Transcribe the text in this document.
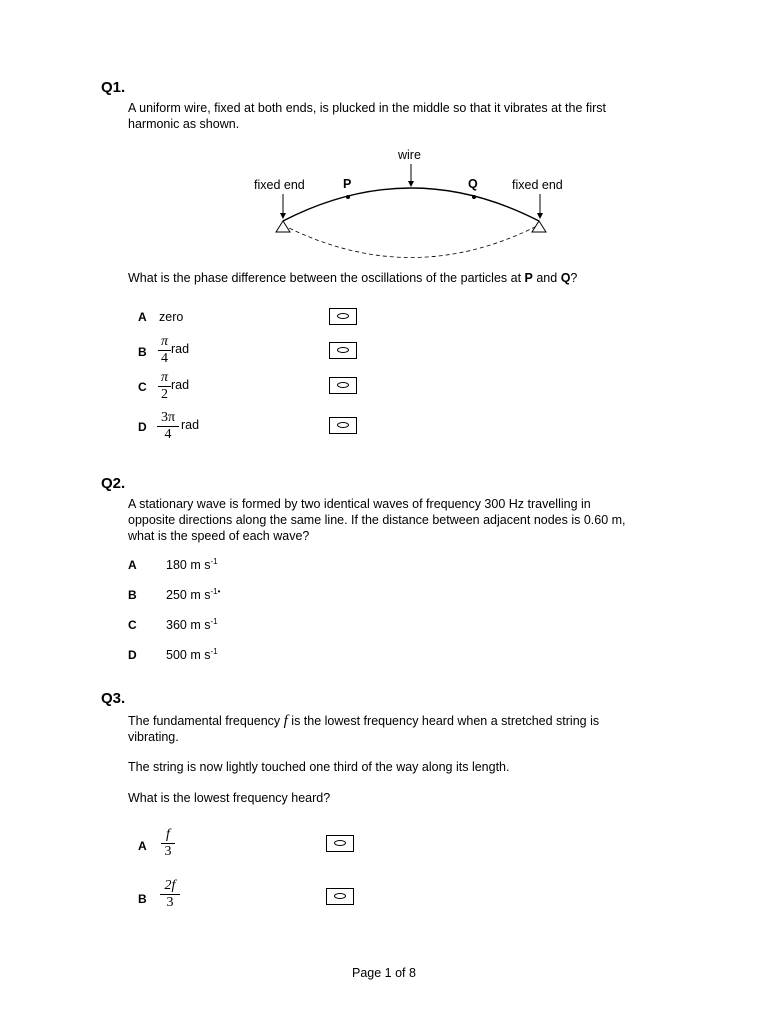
Q1.
A uniform wire, fixed at both ends, is plucked in the middle so that it vibrates at the first
harmonic as shown.
wire
fixed end	fixed end
P	Q
What is the phase difference between the oscillations of the particles at P and Q?
A zero
B
π
4
rad
C
π
2
rad
D
3π
4
rad
Q2.
A stationary wave is formed by two identical waves of frequency 300 Hz travelling in
opposite directions along the same line. If the distance between adjacent nodes is 0.60 m,
what is the speed of each wave?
A 180 m $s^{-1}$
B 250 m $s^{-1•}$
C 360 m $s^{-1}$
D 500 m $s^{-1}$
Q3.
The fundamental frequency f is the lowest frequency heard when a stretched string is
vibrating.
The string is now lightly touched one third of the way along its length.
What is the lowest frequency heard?
A
f
3
B
2f
3
Page 1 of 8
